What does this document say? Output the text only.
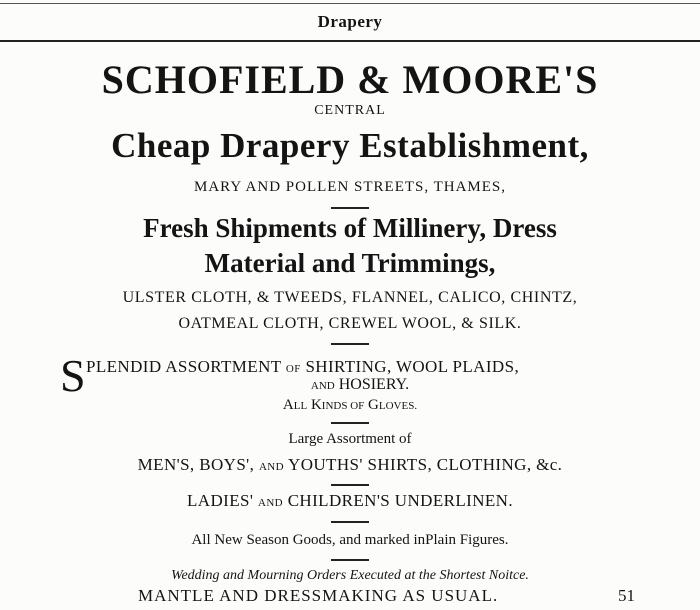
Drapery
SCHOFIELD & MOORE'S
CENTRAL
Cheap Drapery Establishment,
MARY AND POLLEN STREETS, THAMES,
Fresh Shipments of Millinery, Dress
Material and Trimmings,
ULSTER CLOTH, & TWEEDS, FLANNEL, CALICO, CHINTZ,
OATMEAL CLOTH, CREWEL WOOL, & SILK.
S PLENDID ASSORTMENT OF SHIRTING, WOOL PLAIDS,
AND HOSIERY.
ALL KINDS OF GLOVES.
Large Assortment of
MEN'S, BOYS', AND YOUTHS' SHIRTS, CLOTHING, &c.
LADIES' AND CHILDREN'S UNDERLINEN.
All New Season Goods, and marked inPlain Figures.
Wedding and Mourning Orders Executed at the Shortest Noitce.
MANTLE AND DRESSMAKING AS USUAL.	51
